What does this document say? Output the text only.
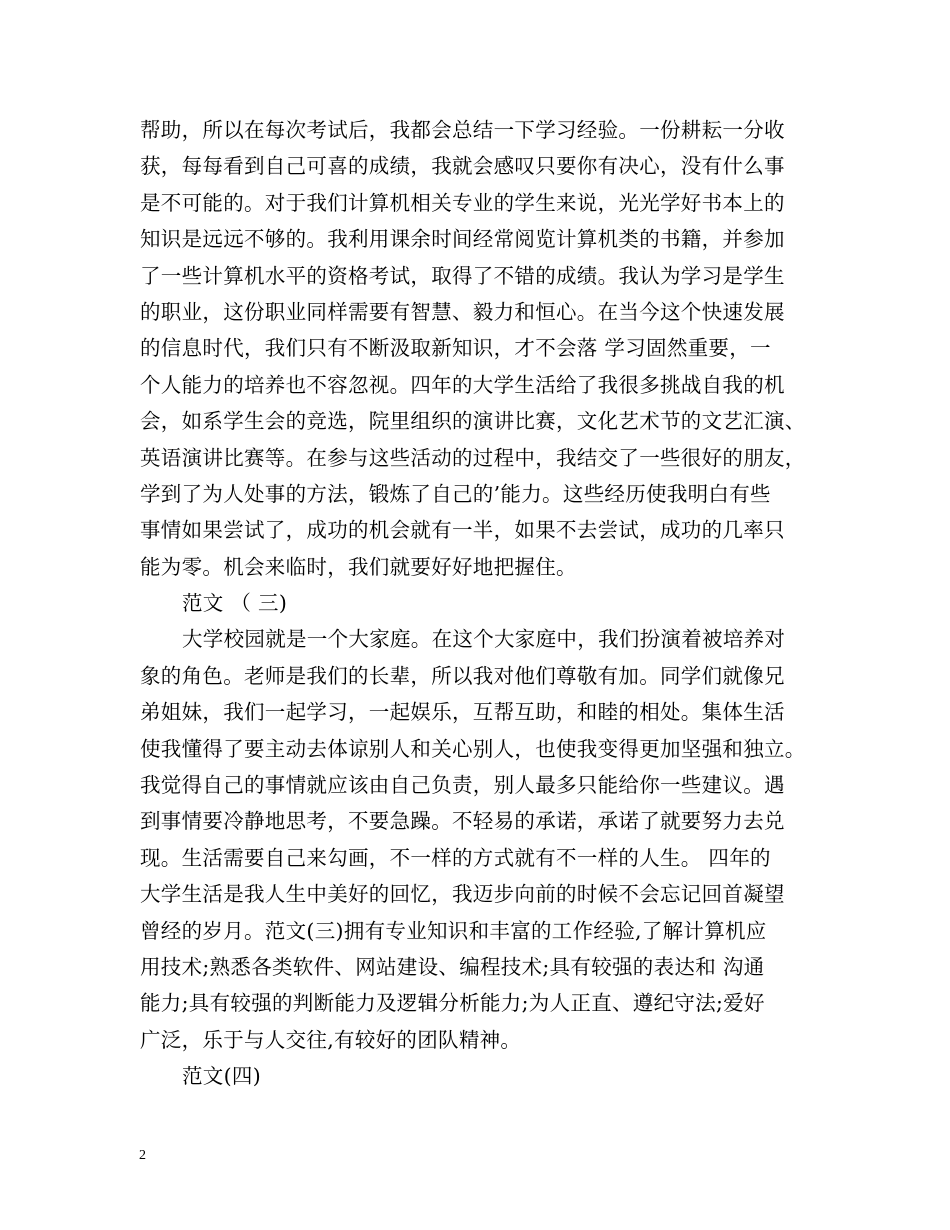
帮助，所以在每次考试后，我都会总结一下学习经验。一份耕耘一分收
获，每每看到自己可喜的成绩，我就会感叹只要你有决心，没有什么事
是不可能的。对于我们计算机相关专业的学生来说，光光学好书本上的
知识是远远不够的。我利用课余时间经常阅览计算机类的书籍，并参加
了一些计算机水平的资格考试，取得了不错的成绩。我认为学习是学生
的职业，这份职业同样需要有智慧、毅力和恒心。在当今这个快速发展
的信息时代，我们只有不断汲取新知识，才不会落 学习固然重要，一
个人能力的培养也不容忽视。四年的大学生活给了我很多挑战自我的机
会，如系学生会的竞选，院里组织的演讲比赛，文化艺术节的文艺汇演、
英语演讲比赛等。在参与这些活动的过程中，我结交了一些很好的朋友，
学到了为人处事的方法，锻炼了自己的’能力。这些经历使我明白有些
事情如果尝试了，成功的机会就有一半，如果不去尝试，成功的几率只
能为零。机会来临时，我们就要好好地把握住。
范文 （ 三)
大学校园就是一个大家庭。在这个大家庭中，我们扮演着被培养对
象的角色。老师是我们的长辈，所以我对他们尊敬有加。同学们就像兄
弟姐妹，我们一起学习，一起娱乐，互帮互助，和睦的相处。集体生活
使我懂得了要主动去体谅别人和关心别人，也使我变得更加坚强和独立。
我觉得自己的事情就应该由自己负责，别人最多只能给你一些建议。遇
到事情要冷静地思考，不要急躁。不轻易的承诺，承诺了就要努力去兑
现。生活需要自己来勾画，不一样的方式就有不一样的人生。 四年的
大学生活是我人生中美好的回忆，我迈步向前的时候不会忘记回首凝望
曾经的岁月。范文(三)拥有专业知识和丰富的工作经验,了解计算机应
用技术;熟悉各类软件、网站建设、编程技术;具有较强的表达和 沟通
能力;具有较强的判断能力及逻辑分析能力;为人正直、遵纪守法;爱好
广泛，乐于与人交往,有较好的团队精神。
范文(四)
2
